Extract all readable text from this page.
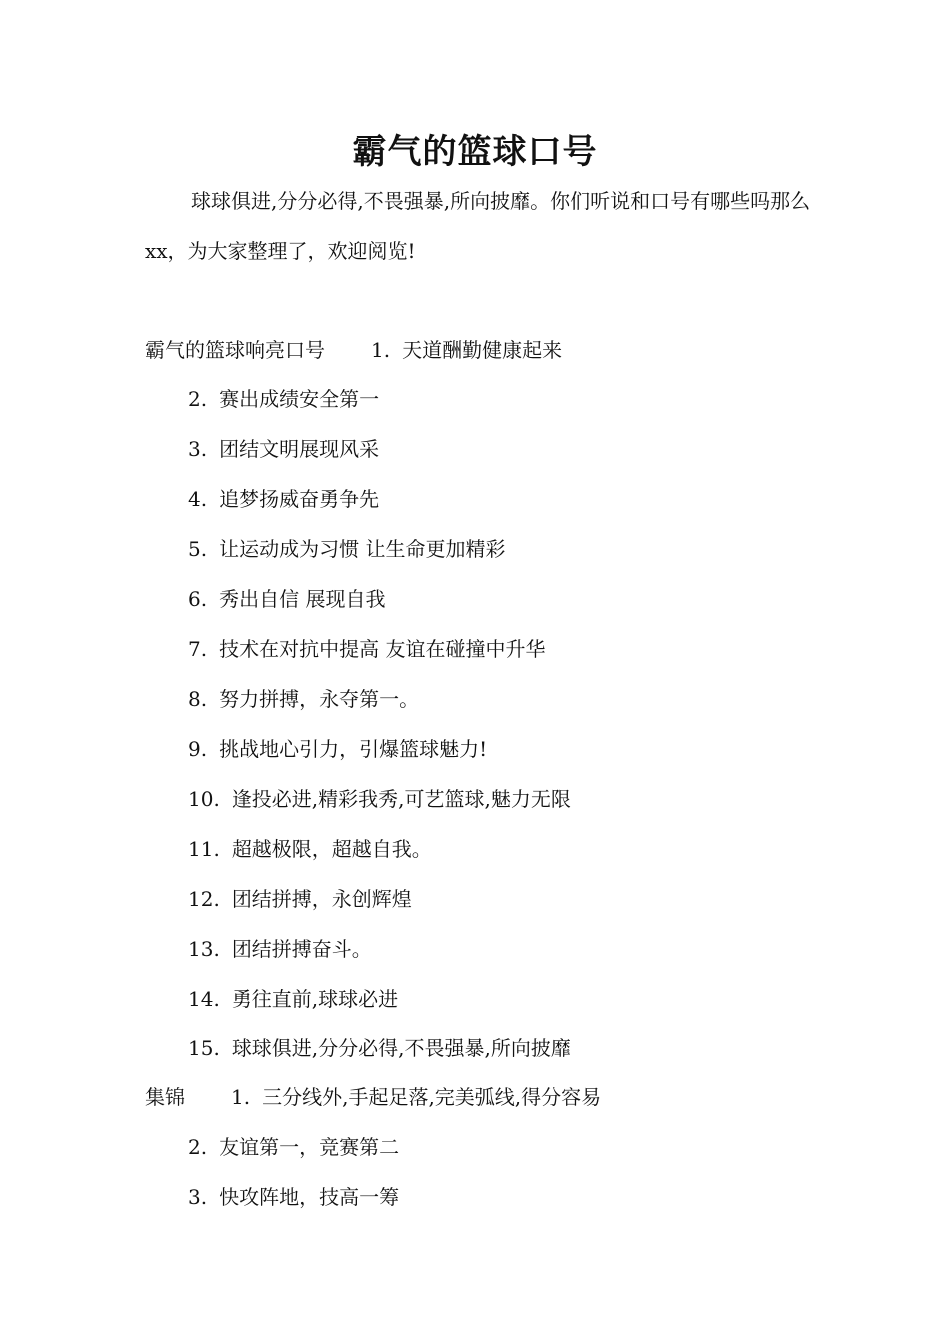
霸气的篮球口号

球球俱进,分分必得,不畏强暴,所向披靡。你们听说和口号有哪些吗那么xx，为大家整理了，欢迎阅览!

霸气的篮球响亮口号 1. 天道酬勤健康起来
2. 赛出成绩安全第一
3. 团结文明展现风采
4. 追梦扬威奋勇争先
5. 让运动成为习惯 让生命更加精彩
6. 秀出自信 展现自我
7. 技术在对抗中提高 友谊在碰撞中升华
8. 努力拼搏，永夺第一。
9. 挑战地心引力，引爆篮球魅力!
10. 逢投必进,精彩我秀,可艺篮球,魅力无限
11. 超越极限，超越自我。
12. 团结拼搏，永创辉煌
13. 团结拼搏奋斗。
14. 勇往直前,球球必进
15. 球球俱进,分分必得,不畏强暴,所向披靡
集锦 1. 三分线外,手起足落,完美弧线,得分容易
2. 友谊第一，竞赛第二
3. 快攻阵地，技高一筹
